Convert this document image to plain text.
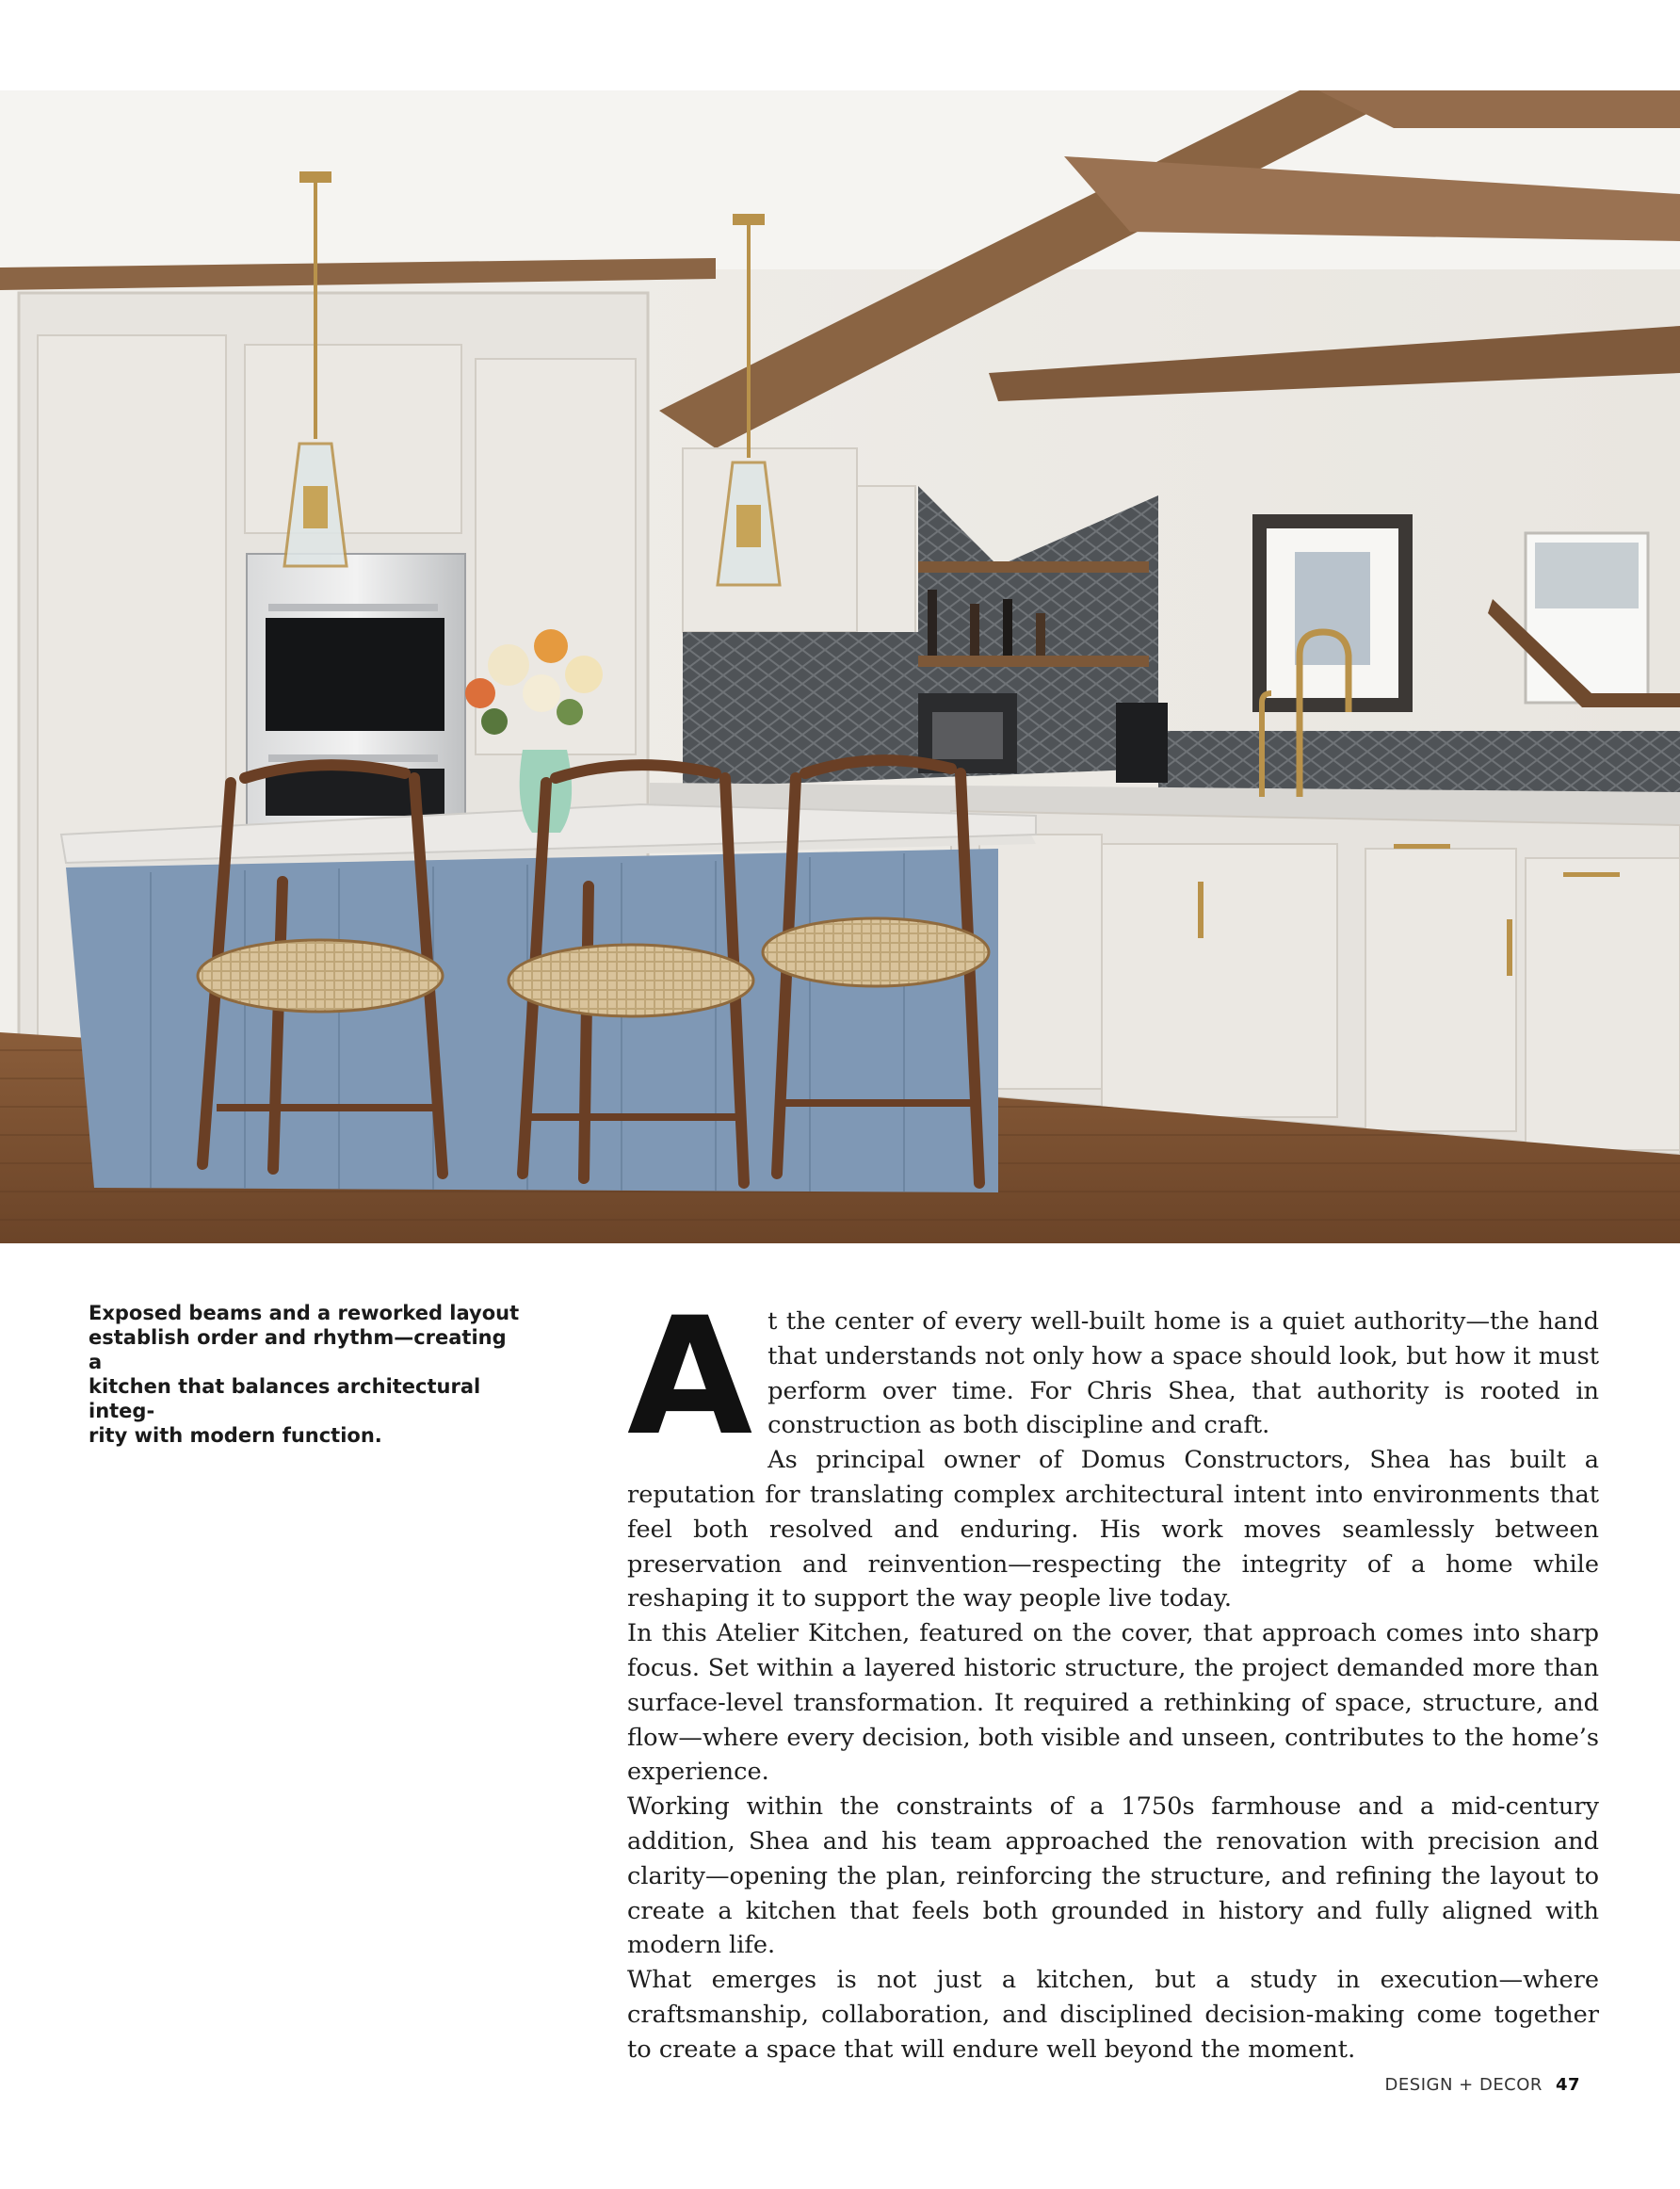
Exposed beams and a reworked layout
establish order and rhythm—creating a
kitchen that balances architectural integ-
rity with modern function.	A t the center of every well-built home is a quiet authority—the hand that understands not only how a space should look, but how it must perform over time. For Chris Shea, that authority is rooted in construction as both discipline and craft.

As principal owner of Domus Constructors, Shea has built a reputation for translating complex architectural intent into environments that feel both resolved and enduring. His work moves seamlessly between preservation and reinvention—respecting the integrity of a home while reshaping it to support the way people live today.

In this Atelier Kitchen, featured on the cover, that approach comes into sharp focus. Set within a layered historic structure, the project demanded more than surface-level transformation. It required a rethinking of space, structure, and flow—where every decision, both visible and unseen, contributes to the home’s experience.

Working within the constraints of a 1750s farmhouse and a mid-century addition, Shea and his team approached the renovation with precision and clarity—opening the plan, reinforcing the structure, and refining the layout to create a kitchen that feels both grounded in history and fully aligned with modern life.

What emerges is not just a kitchen, but a study in execution—where craftsmanship, collaboration, and disciplined decision-making come together to create a space that will endure well beyond the moment.

DESIGN + DECOR 47
